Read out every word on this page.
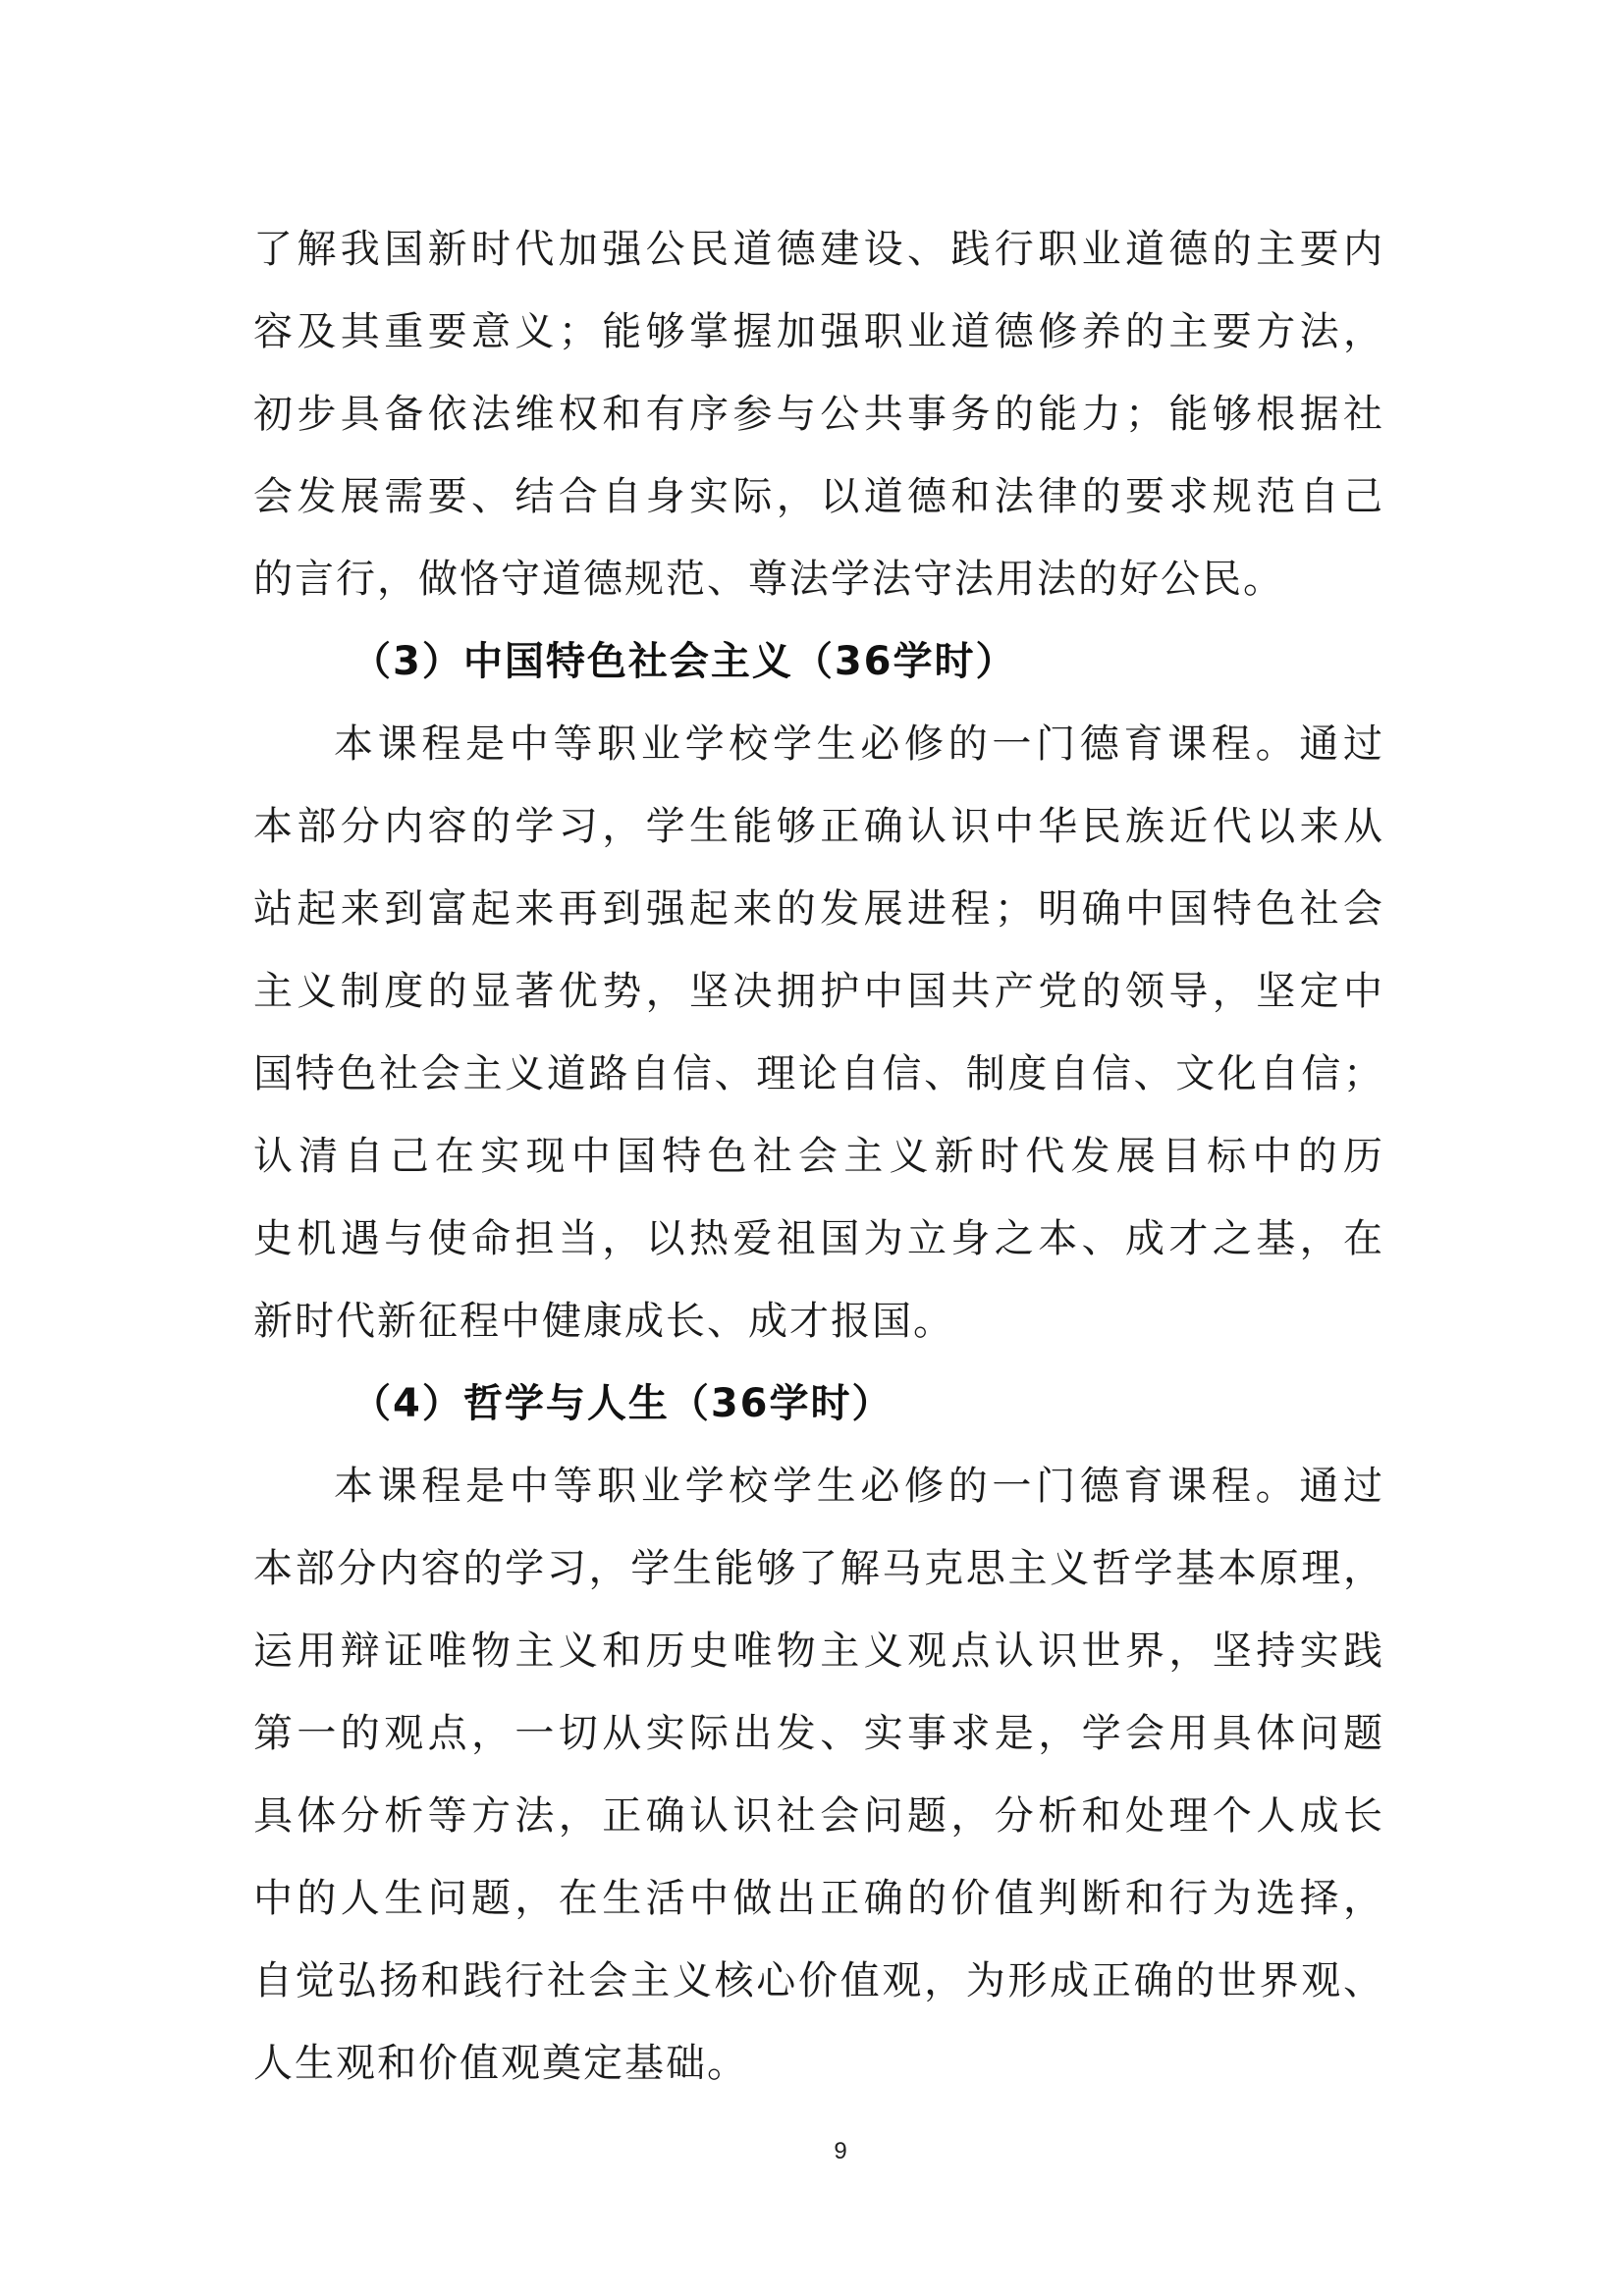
了解我国新时代加强公民道德建设、践行职业道德的主要内
容及其重要意义；能够掌握加强职业道德修养的主要方法，
初步具备依法维权和有序参与公共事务的能力；能够根据社
会发展需要、结合自身实际，以道德和法律的要求规范自己
的言行，做恪守道德规范、尊法学法守法用法的好公民。
（3）中国特色社会主义（36学时）
本课程是中等职业学校学生必修的一门德育课程。通过
本部分内容的学习，学生能够正确认识中华民族近代以来从
站起来到富起来再到强起来的发展进程；明确中国特色社会
主义制度的显著优势，坚决拥护中国共产党的领导，坚定中
国特色社会主义道路自信、理论自信、制度自信、文化自信；
认清自己在实现中国特色社会主义新时代发展目标中的历
史机遇与使命担当，以热爱祖国为立身之本、成才之基，在
新时代新征程中健康成长、成才报国。
（4）哲学与人生（36学时）
本课程是中等职业学校学生必修的一门德育课程。通过
本部分内容的学习，学生能够了解马克思主义哲学基本原理，
运用辩证唯物主义和历史唯物主义观点认识世界，坚持实践
第一的观点，一切从实际出发、实事求是，学会用具体问题
具体分析等方法，正确认识社会问题，分析和处理个人成长
中的人生问题，在生活中做出正确的价值判断和行为选择，
自觉弘扬和践行社会主义核心价值观，为形成正确的世界观、
人生观和价值观奠定基础。
9
